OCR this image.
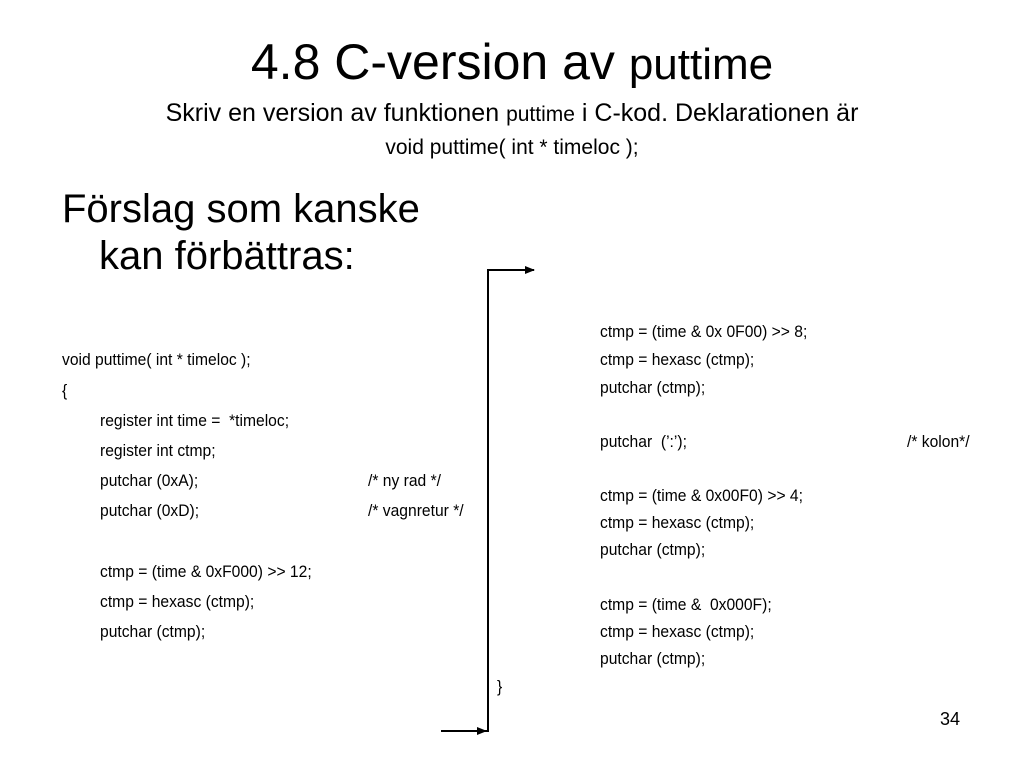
4.8 C-version av puttime
Skriv en version av funktionen puttime i C-kod. Deklarationen är
void puttime( int * timeloc );
Förslag som kanske
kan förbättras:
void puttime( int * timeloc );
{
register int time =  *timeloc;
register int ctmp;
putchar (0xA);	/* ny rad */
putchar (0xD);	/* vagnretur */
ctmp = (time & 0xF000) >> 12;
ctmp = hexasc (ctmp);
putchar (ctmp);
ctmp = (time & 0x 0F00) >> 8;
ctmp = hexasc (ctmp);
putchar (ctmp);
putchar  (’:’);	/* kolon*/
ctmp = (time & 0x00F0) >> 4;
ctmp = hexasc (ctmp);
putchar (ctmp);
ctmp = (time &  0x000F);
ctmp = hexasc (ctmp);
putchar (ctmp);
}
34
